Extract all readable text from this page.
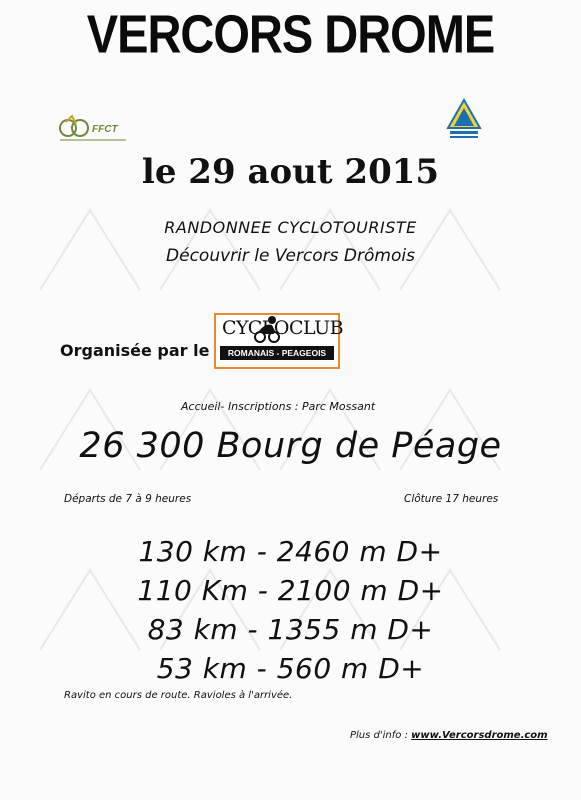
VERCORS DROME
FFCT
le 29 aout 2015
RANDONNEE CYCLOTOURISTE
Découvrir le Vercors Drômois
Organisée par le
CYCLOCLUB
ROMANAIS - PEAGEOIS
Accueil- Inscriptions : Parc Mossant
26 300 Bourg de Péage
Départs de 7 à 9 heures	Clôture 17 heures
130 km - 2460 m D+
110 Km - 2100 m D+
83 km - 1355 m D+
53 km - 560 m D+
Ravito en cours de route. Ravioles à l'arrivée.
Plus d'info : www.Vercorsdrome.com
